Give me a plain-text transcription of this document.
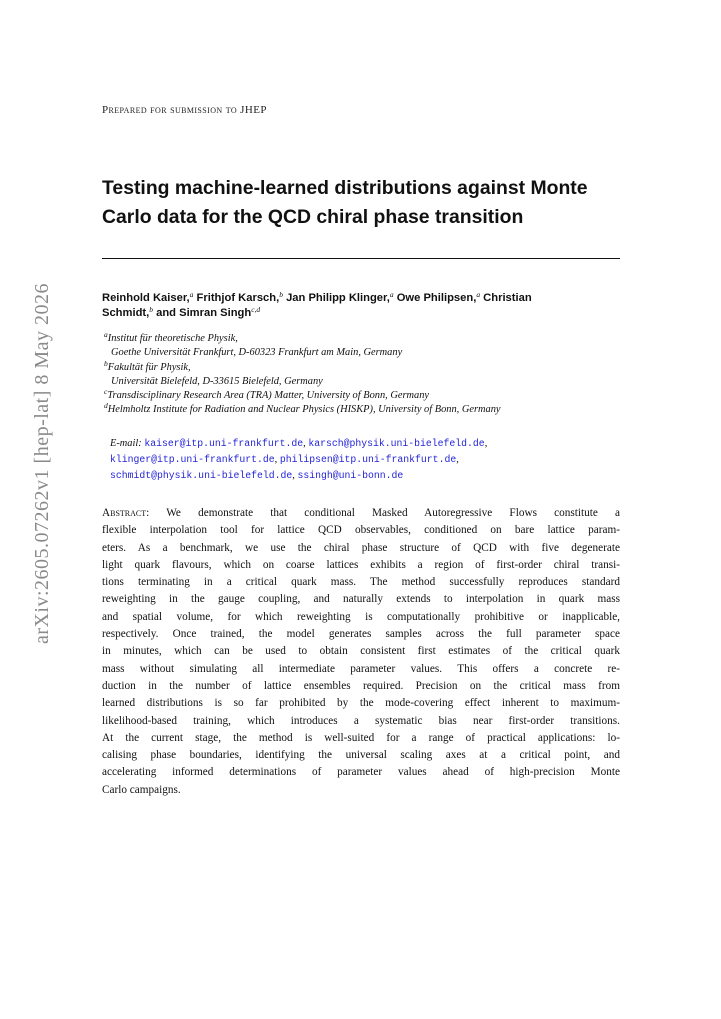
arXiv:2605.07262v1 [hep-lat] 8 May 2026
Prepared for submission to JHEP
Testing machine-learned distributions against Monte
Carlo data for the QCD chiral phase transition
Reinhold Kaiser,$^a$ Frithjof Karsch,$^b$ Jan Philipp Klinger,$^a$ Owe Philipsen,$^a$ Christian
Schmidt,$^b$ and Simran Singh$^{c,d}$
$^a$Institut für theoretische Physik,
Goethe Universität Frankfurt, D-60323 Frankfurt am Main, Germany
$^b$Fakultät für Physik,
Universität Bielefeld, D-33615 Bielefeld, Germany
$^c$Transdisciplinary Research Area (TRA) Matter, University of Bonn, Germany
$^d$Helmholtz Institute for Radiation and Nuclear Physics (HISKP), University of Bonn, Germany
E-mail: kaiser@itp.uni-frankfurt.de, karsch@physik.uni-bielefeld.de,
klinger@itp.uni-frankfurt.de, philipsen@itp.uni-frankfurt.de,
schmidt@physik.uni-bielefeld.de, ssingh@uni-bonn.de
Abstract: We demonstrate that conditional Masked Autoregressive Flows constitute a
flexible interpolation tool for lattice QCD observables, conditioned on bare lattice param-
eters. As a benchmark, we use the chiral phase structure of QCD with five degenerate
light quark flavours, which on coarse lattices exhibits a region of first-order chiral transi-
tions terminating in a critical quark mass. The method successfully reproduces standard
reweighting in the gauge coupling, and naturally extends to interpolation in quark mass
and spatial volume, for which reweighting is computationally prohibitive or inapplicable,
respectively. Once trained, the model generates samples across the full parameter space
in minutes, which can be used to obtain consistent first estimates of the critical quark
mass without simulating all intermediate parameter values. This offers a concrete re-
duction in the number of lattice ensembles required. Precision on the critical mass from
learned distributions is so far prohibited by the mode-covering effect inherent to maximum-
likelihood-based training, which introduces a systematic bias near first-order transitions.
At the current stage, the method is well-suited for a range of practical applications: lo-
calising phase boundaries, identifying the universal scaling axes at a critical point, and
accelerating informed determinations of parameter values ahead of high-precision Monte
Carlo campaigns.
